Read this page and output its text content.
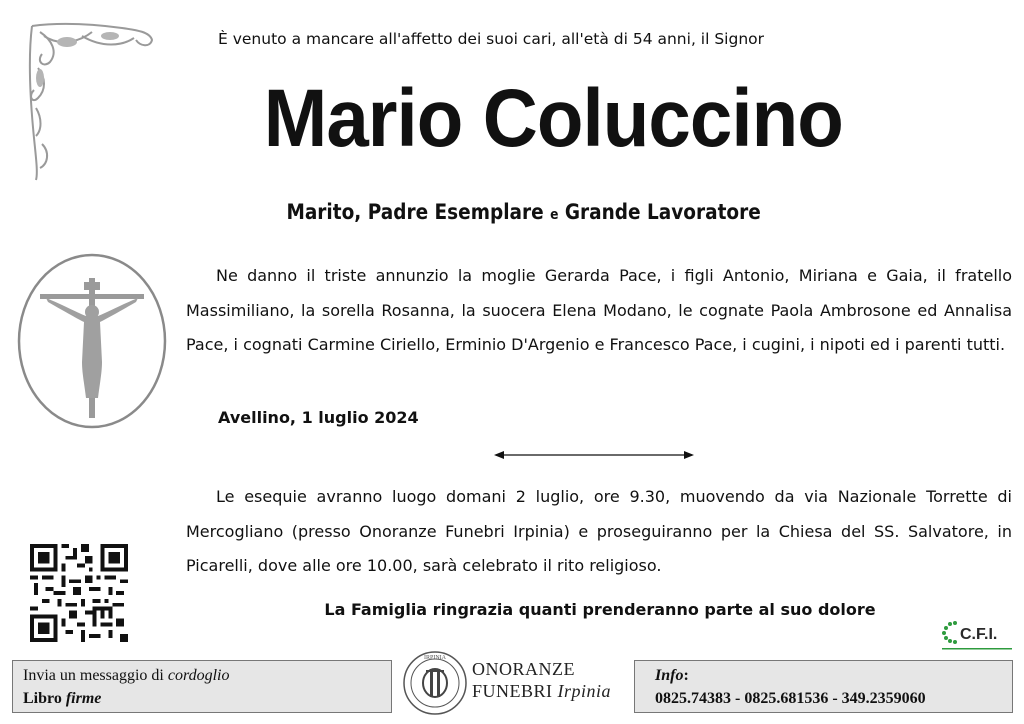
È venuto a mancare all'affetto dei suoi cari, all'età di 54 anni, il Signor
Mario Coluccino
Marito, Padre Esemplare e Grande Lavoratore
Ne danno il triste annunzio la moglie Gerarda Pace, i figli Antonio, Miriana e Gaia, il fratello Massimiliano, la sorella Rosanna, la suocera Elena Modano, le cognate Paola Ambrosone ed Annalisa Pace, i cognati Carmine Ciriello, Erminio D'Argenio e Francesco Pace, i cugini, i nipoti ed i parenti tutti.
Avellino, 1 luglio 2024
Le esequie avranno luogo domani 2 luglio, ore 9.30, muovendo da via Nazionale Torrette di Mercogliano (presso Onoranze Funebri Irpinia) e proseguiranno per la Chiesa del SS. Salvatore, in Picarelli, dove alle ore 10.00, sarà celebrato il rito religioso.
La Famiglia ringrazia quanti prenderanno parte al suo dolore
C.F.I.
Invia un messaggio di cordoglio
Libro firme
IRPINIA
ONORANZE
FUNEBRI Irpinia
Info:
0825.74383 - 0825.681536 - 349.2359060
